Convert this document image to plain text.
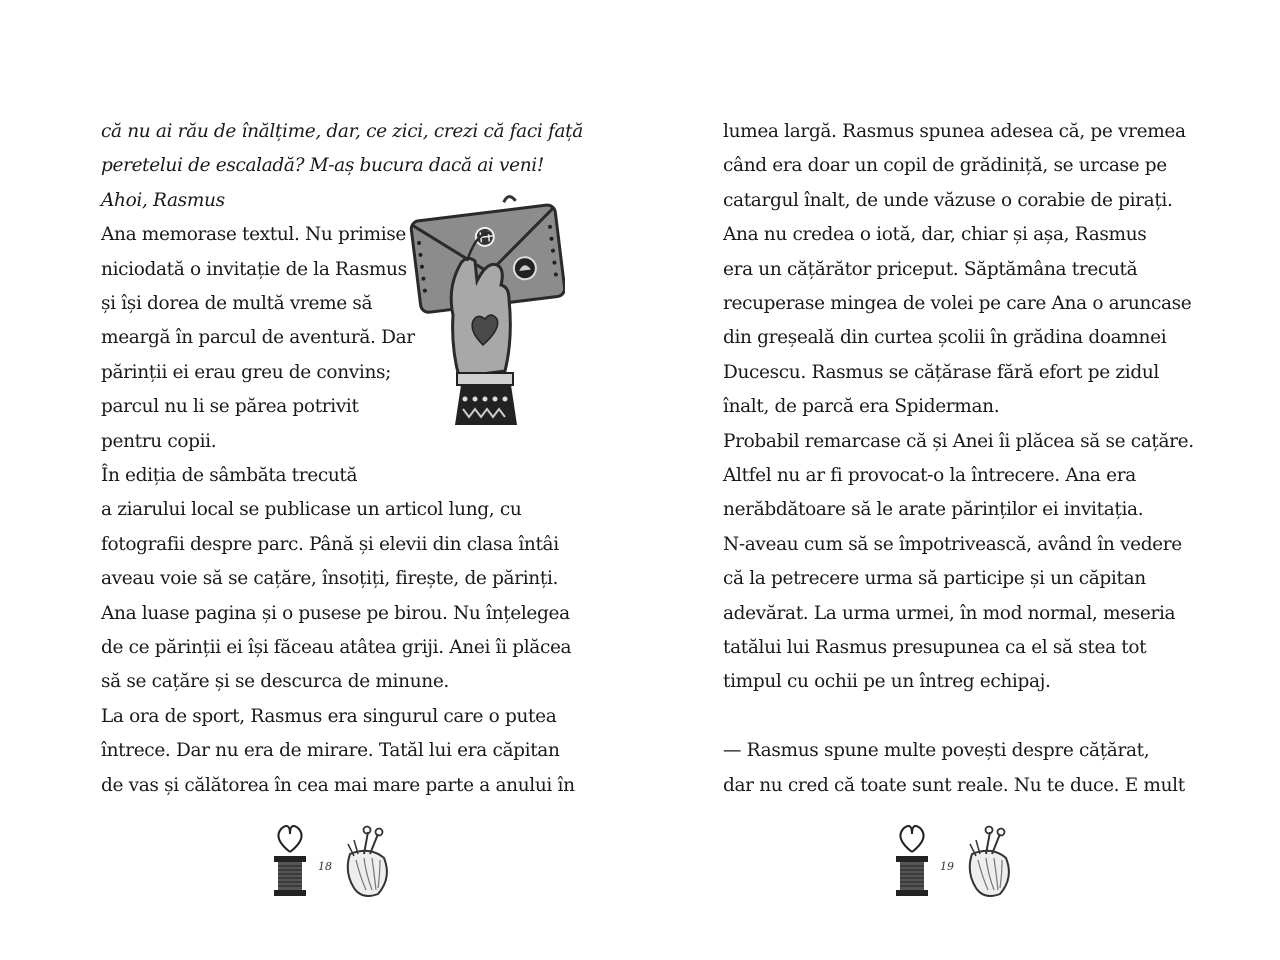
că nu ai rău de înălțime, dar, ce zici, crezi că faci față
peretelui de escaladă? M-aș bucura dacă ai veni!
Ahoi, Rasmus
Ana memorase textul. Nu primise
niciodată o invitație de la Rasmus
și își dorea de multă vreme să
meargă în parcul de aventură. Dar
părinții ei erau greu de convins;
parcul nu li se părea potrivit
pentru copii.
În ediția de sâmbăta trecută
a ziarului local se publicase un articol lung, cu
fotografii despre parc. Până și elevii din clasa întâi
aveau voie să se cațăre, însoțiți, firește, de părinți.
Ana luase pagina și o pusese pe birou. Nu înțelegea
de ce părinții ei își făceau atâtea griji. Anei îi plăcea
să se cațăre și se descurca de minune.
La ora de sport, Rasmus era singurul care o putea
întrece. Dar nu era de mirare. Tatăl lui era căpitan
de vas și călătorea în cea mai mare parte a anului în
18
lumea largă. Rasmus spunea adesea că, pe vremea
când era doar un copil de grădiniță, se urcase pe
catargul înalt, de unde văzuse o corabie de pirați.
Ana nu credea o iotă, dar, chiar și așa, Rasmus
era un cățărător priceput. Săptămâna trecută
recuperase mingea de volei pe care Ana o aruncase
din greșeală din curtea școlii în grădina doamnei
Ducescu. Rasmus se cățărase fără efort pe zidul
înalt, de parcă era Spiderman.
Probabil remarcase că și Anei îi plăcea să se cațăre.
Altfel nu ar fi provocat-o la întrecere. Ana era
nerăbdătoare să le arate părinților ei invitația.
N-aveau cum să se împotrivească, având în vedere
că la petrecere urma să participe și un căpitan
adevărat. La urma urmei, în mod normal, meseria
tatălui lui Rasmus presupunea ca el să stea tot
timpul cu ochii pe un întreg echipaj.
— Rasmus spune multe povești despre cățărat,
dar nu cred că toate sunt reale. Nu te duce. E mult
19
